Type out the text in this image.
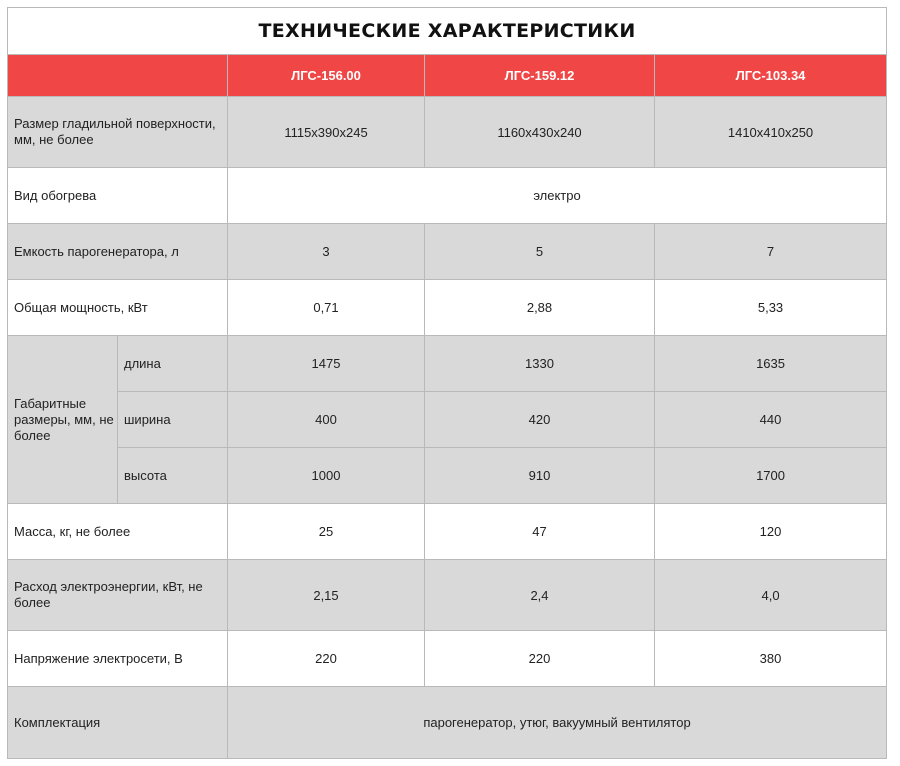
ТЕХНИЧЕСКИЕ ХАРАКТЕРИСТИКИ				
		ЛГС-156.00	ЛГС-159.12	ЛГС-103.34
Размер гладильной поверхности, мм, не более		1115х390х245	1160х430х240	1410х410х250
Вид обогрева		электро		
Емкость парогенератора, л		3	5	7
Общая мощность, кВт		0,71	2,88	5,33
Габаритные размеры, мм, не более	длина	1475	1330	1635
	ширина	400	420	440
	высота	1000	910	1700
Масса, кг, не более		25	47	120
Расход электроэнергии, кВт, не более		2,15	2,4	4,0
Напряжение электросети, В		220	220	380
Комплектация		парогенератор, утюг, вакуумный вентилятор		
